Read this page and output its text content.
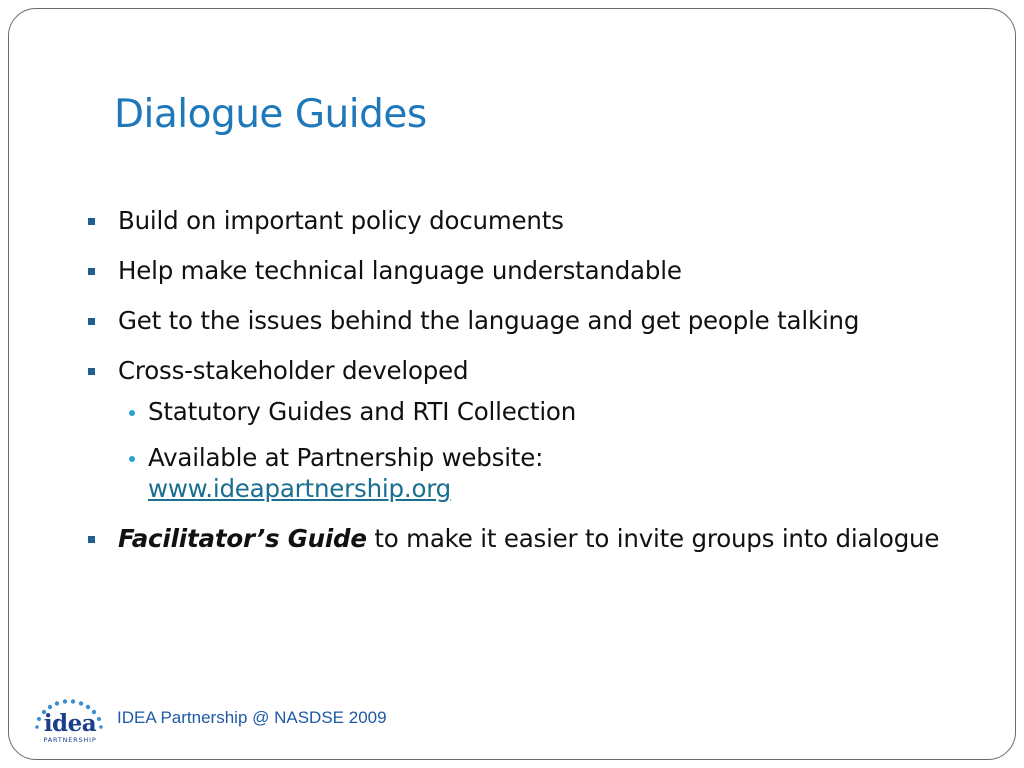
Dialogue Guides
Build on important policy documents
Help make technical language understandable
Get to the issues behind the language and get people talking
Cross-stakeholder developed
Statutory Guides and RTI Collection
Available at Partnership website:
www.ideapartnership.org
Facilitator’s Guide to make it easier to invite groups into dialogue
idea
PARTNERSHIP
IDEA Partnership @ NASDSE 2009
